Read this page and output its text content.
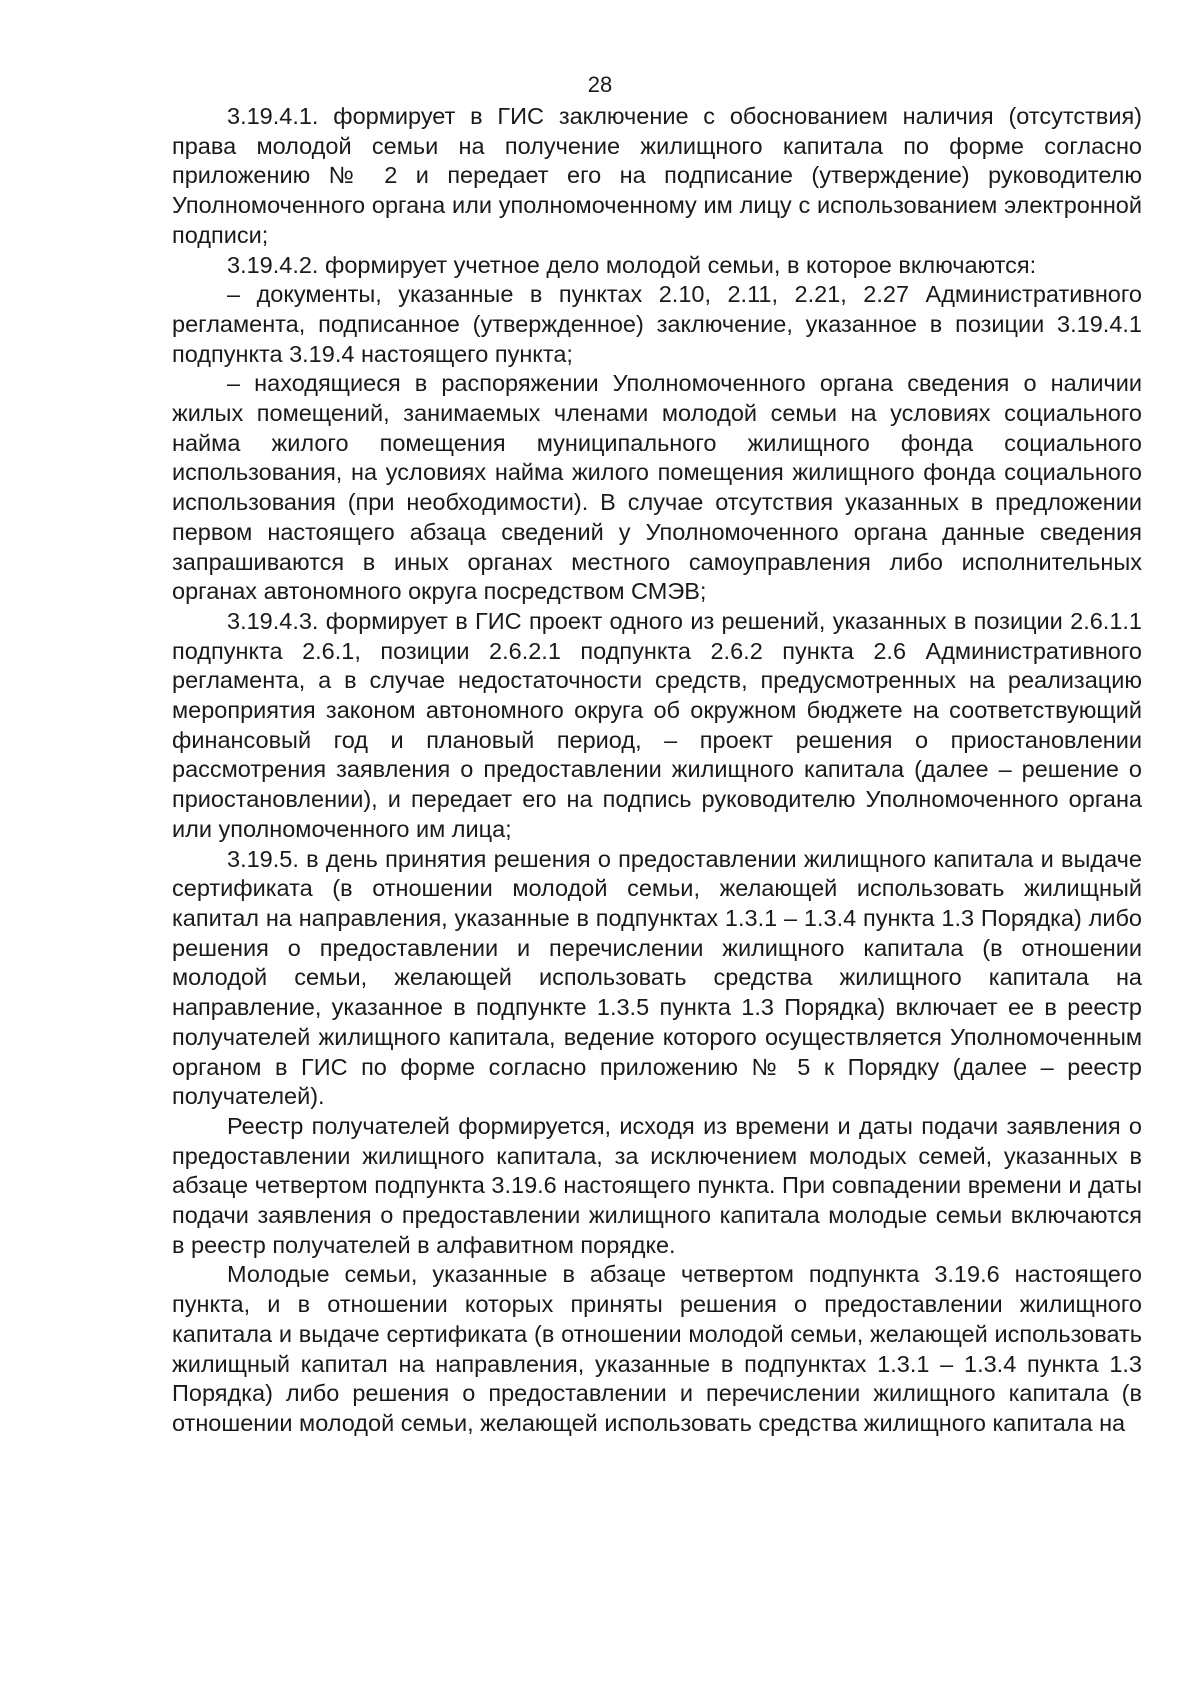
28

3.19.4.1. формирует в ГИС заключение с обоснованием наличия (отсутствия) права молодой семьи на получение жилищного капитала по форме согласно приложению № 2 и передает его на подписание (утверждение) руководителю Уполномоченного органа или уполномоченному им лицу с использованием электронной подписи;

3.19.4.2. формирует учетное дело молодой семьи, в которое включаются:

– документы, указанные в пунктах 2.10, 2.11, 2.21, 2.27 Административного регламента, подписанное (утвержденное) заключение, указанное в позиции 3.19.4.1 подпункта 3.19.4 настоящего пункта;

– находящиеся в распоряжении Уполномоченного органа сведения о наличии жилых помещений, занимаемых членами молодой семьи на условиях социального найма жилого помещения муниципального жилищного фонда социального использования, на условиях найма жилого помещения жилищного фонда социального использования (при необходимости). В случае отсутствия указанных в предложении первом настоящего абзаца сведений у Уполномоченного органа данные сведения запрашиваются в иных органах местного самоуправления либо исполнительных органах автономного округа посредством СМЭВ;

3.19.4.3. формирует в ГИС проект одного из решений, указанных в позиции 2.6.1.1 подпункта 2.6.1, позиции 2.6.2.1 подпункта 2.6.2 пункта 2.6 Административного регламента, а в случае недостаточности средств, предусмотренных на реализацию мероприятия законом автономного округа об окружном бюджете на соответствующий финансовый год и плановый период, – проект решения о приостановлении рассмотрения заявления о предоставлении жилищного капитала (далее – решение о приостановлении), и передает его на подпись руководителю Уполномоченного органа или уполномоченного им лица;

3.19.5. в день принятия решения о предоставлении жилищного капитала и выдаче сертификата (в отношении молодой семьи, желающей использовать жилищный капитал на направления, указанные в подпунктах 1.3.1 – 1.3.4 пункта 1.3 Порядка) либо решения о предоставлении и перечислении жилищного капитала (в отношении молодой семьи, желающей использовать средства жилищного капитала на направление, указанное в подпункте 1.3.5 пункта 1.3 Порядка) включает ее в реестр получателей жилищного капитала, ведение которого осуществляется Уполномоченным органом в ГИС по форме согласно приложению № 5 к Порядку (далее – реестр получателей).

Реестр получателей формируется, исходя из времени и даты подачи заявления о предоставлении жилищного капитала, за исключением молодых семей, указанных в абзаце четвертом подпункта 3.19.6 настоящего пункта. При совпадении времени и даты подачи заявления о предоставлении жилищного капитала молодые семьи включаются в реестр получателей в алфавитном порядке.

Молодые семьи, указанные в абзаце четвертом подпункта 3.19.6 настоящего пункта, и в отношении которых приняты решения о предоставлении жилищного капитала и выдаче сертификата (в отношении молодой семьи, желающей использовать жилищный капитал на направления, указанные в подпунктах 1.3.1 – 1.3.4 пункта 1.3 Порядка) либо решения о предоставлении и перечислении жилищного капитала (в отношении молодой семьи, желающей использовать средства жилищного капитала на
